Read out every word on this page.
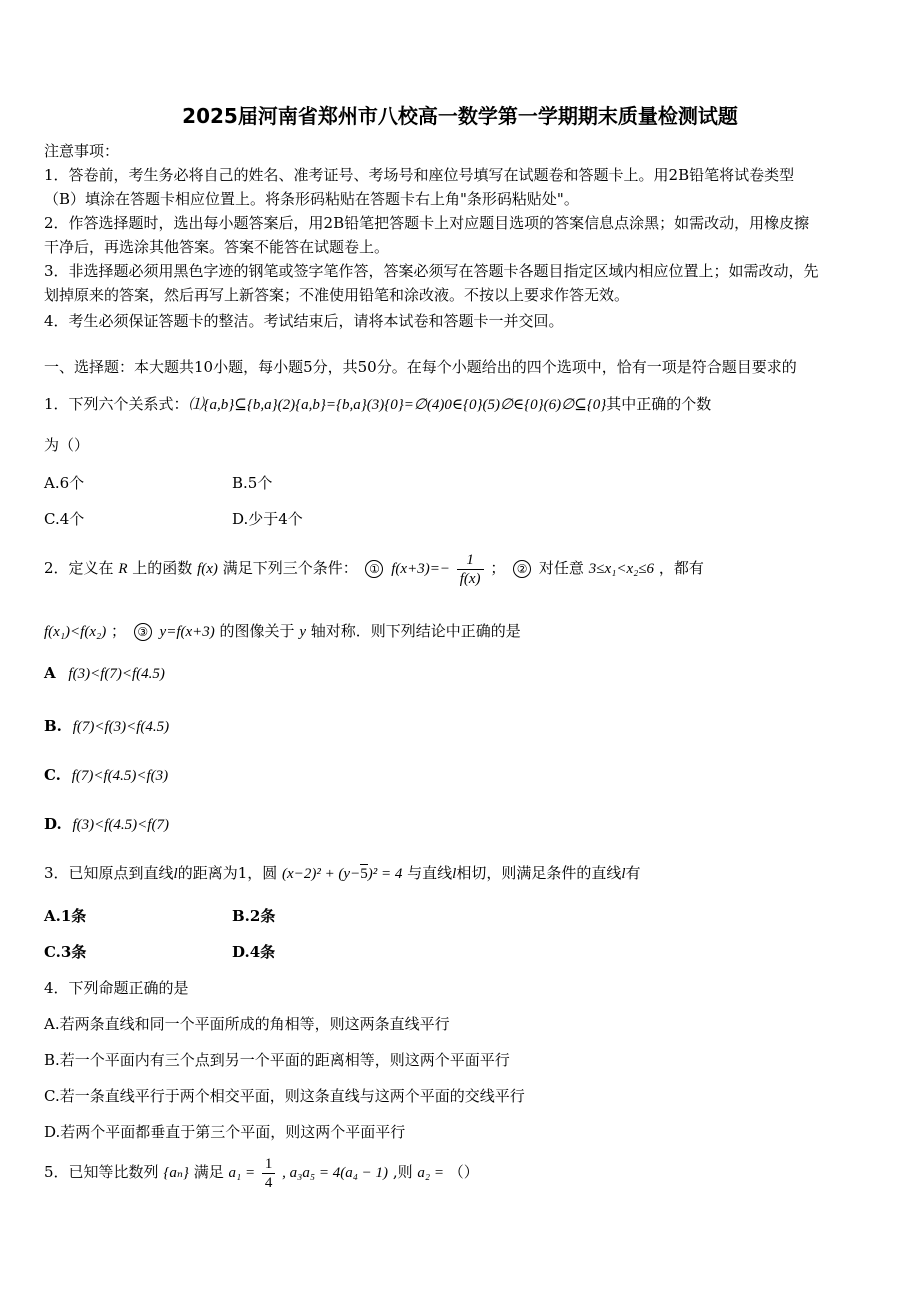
2025届河南省郑州市八校高一数学第一学期期末质量检测试题
注意事项：
1．答卷前，考生务必将自己的姓名、准考证号、考场号和座位号填写在试题卷和答题卡上。用2B铅笔将试卷类型
（B）填涂在答题卡相应位置上。将条形码粘贴在答题卡右上角"条形码粘贴处"。
2．作答选择题时，选出每小题答案后，用2B铅笔把答题卡上对应题目选项的答案信息点涂黑；如需改动，用橡皮擦
干净后，再选涂其他答案。答案不能答在试题卷上。
3．非选择题必须用黑色字迹的钢笔或签字笔作答，答案必须写在答题卡各题目指定区域内相应位置上；如需改动，先
划掉原来的答案，然后再写上新答案；不准使用铅笔和涂改液。不按以上要求作答无效。
4．考生必须保证答题卡的整洁。考试结束后，请将本试卷和答题卡一并交回。
一、选择题：本大题共10小题，每小题5分，共50分。在每个小题给出的四个选项中，恰有一项是符合题目要求的
1．下列六个关系式：⑴{a,b}⊆{b,a}(2){a,b}={b,a}(3){0}=∅(4)0∈{0}(5)∅∈{0}(6)∅⊆{0}其中正确的个数
为（）
A.6个	B.5个
C.4个	D.少于4个
2．定义在 R 上的函数 f(x) 满足下列三个条件： ① $f(x+3)=- \frac{1}{f(x)}$ ； ② 对任意 3≤x₁<x₂≤6 ，都有
f(x₁)<f(x₂) ； ③ y=f(x+3) 的图像关于 y 轴对称．则下列结论中正确的是
A f(3)<f(7)<f(4.5)
B. f(7)<f(3)<f(4.5)
C. f(7)<f(4.5)<f(3)
D. f(3)<f(4.5)<f(7)
3．已知原点到直线l的距离为1，圆 (x−2)² + (y−5)² = 4 与直线l相切，则满足条件的直线l有
A.1条	B.2条
C.3条	D.4条
4．下列命题正确的是
A.若两条直线和同一个平面所成的角相等，则这两条直线平行
B.若一个平面内有三个点到另一个平面的距离相等，则这两个平面平行
C.若一条直线平行于两个相交平面，则这条直线与这两个平面的交线平行
D.若两个平面都垂直于第三个平面，则这两个平面平行
5．已知等比数列 {aₙ} 满足 $a_1 = \frac{1}{4}$ , a₃a₅ = 4(a₄ − 1) ,则 a₂ = （）
